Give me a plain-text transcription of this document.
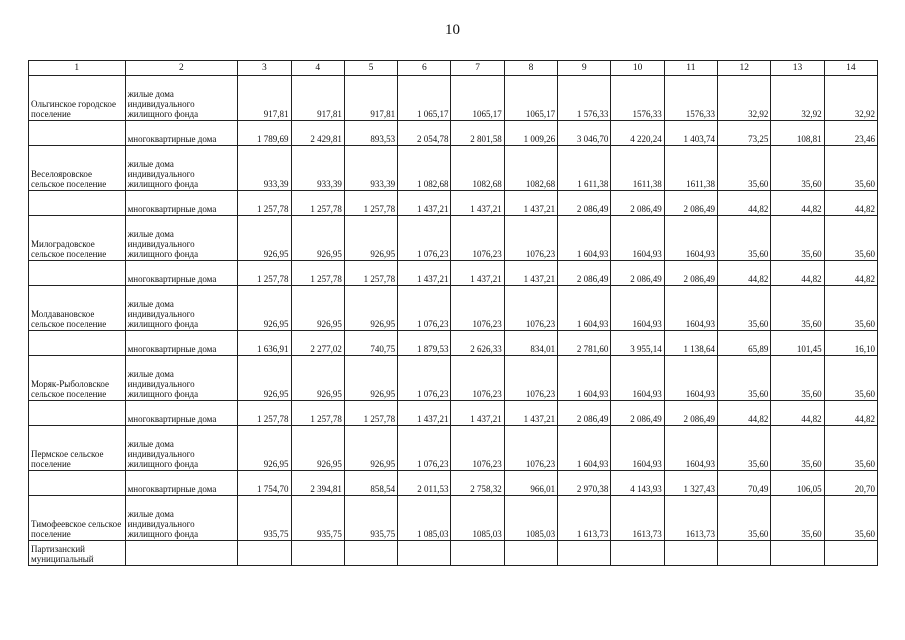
10
1	2	3	4	5	6	7	8	9	10	11	12	13	14
Ольгинское городское поселение	жилые дома индивидуального жилищного фонда	917,81	917,81	917,81	1 065,17	1065,17	1065,17	1 576,33	1576,33	1576,33	32,92	32,92	32,92
	многоквартирные дома	1 789,69	2 429,81	893,53	2 054,78	2 801,58	1 009,26	3 046,70	4 220,24	1 403,74	73,25	108,81	23,46
Веселояровское сельское поселение	жилые дома индивидуального жилищного фонда	933,39	933,39	933,39	1 082,68	1082,68	1082,68	1 611,38	1611,38	1611,38	35,60	35,60	35,60
	многоквартирные дома	1 257,78	1 257,78	1 257,78	1 437,21	1 437,21	1 437,21	2 086,49	2 086,49	2 086,49	44,82	44,82	44,82
Милоградовское сельское поселение	жилые дома индивидуального жилищного фонда	926,95	926,95	926,95	1 076,23	1076,23	1076,23	1 604,93	1604,93	1604,93	35,60	35,60	35,60
	многоквартирные дома	1 257,78	1 257,78	1 257,78	1 437,21	1 437,21	1 437,21	2 086,49	2 086,49	2 086,49	44,82	44,82	44,82
Молдавановское сельское поселение	жилые дома индивидуального жилищного фонда	926,95	926,95	926,95	1 076,23	1076,23	1076,23	1 604,93	1604,93	1604,93	35,60	35,60	35,60
	многоквартирные дома	1 636,91	2 277,02	740,75	1 879,53	2 626,33	834,01	2 781,60	3 955,14	1 138,64	65,89	101,45	16,10
Моряк-Рыболовское сельское поселение	жилые дома индивидуального жилищного фонда	926,95	926,95	926,95	1 076,23	1076,23	1076,23	1 604,93	1604,93	1604,93	35,60	35,60	35,60
	многоквартирные дома	1 257,78	1 257,78	1 257,78	1 437,21	1 437,21	1 437,21	2 086,49	2 086,49	2 086,49	44,82	44,82	44,82
Пермское сельское поселение	жилые дома индивидуального жилищного фонда	926,95	926,95	926,95	1 076,23	1076,23	1076,23	1 604,93	1604,93	1604,93	35,60	35,60	35,60
	многоквартирные дома	1 754,70	2 394,81	858,54	2 011,53	2 758,32	966,01	2 970,38	4 143,93	1 327,43	70,49	106,05	20,70
Тимофеевское сельское поселение	жилые дома индивидуального жилищного фонда	935,75	935,75	935,75	1 085,03	1085,03	1085,03	1 613,73	1613,73	1613,73	35,60	35,60	35,60
Партизанский муниципальный													
